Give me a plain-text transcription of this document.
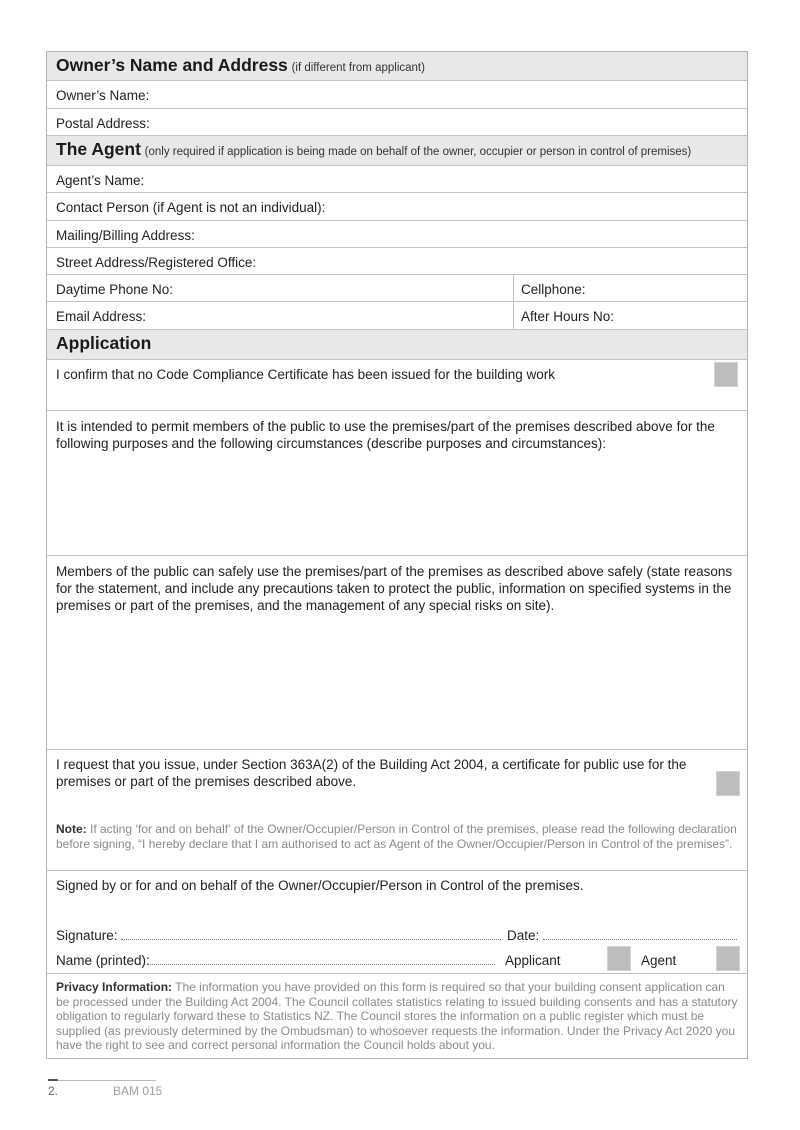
Owner’s Name and Address (if different from applicant)
Owner’s Name:
Postal Address:
The Agent (only required if application is being made on behalf of the owner, occupier or person in control of premises)
Agent’s Name:
Contact Person (if Agent is not an individual):
Mailing/Billing Address:
Street Address/Registered Office:
Daytime Phone No:	Cellphone:
Email Address:	After Hours No:
Application
I confirm that no Code Compliance Certificate has been issued for the building work
It is intended to permit members of the public to use the premises/part of the premises described above for the following purposes and the following circumstances (describe purposes and circumstances):
Members of the public can safely use the premises/part of the premises as described above safely (state reasons for the statement, and include any precautions taken to protect the public, information on specified systems in the premises or part of the premises, and the management of any special risks on site).
I request that you issue, under Section 363A(2) of the Building Act 2004, a certificate for public use for the premises or part of the premises described above.
Note: If acting ‘for and on behalf’ of the Owner/Occupier/Person in Control of the premises, please read the following declaration before signing, “I hereby declare that I am authorised to act as Agent of the Owner/Occupier/Person in Control of the premises”.
Signed by or for and on behalf of the Owner/Occupier/Person in Control of the premises.
Signature:	Date:
Name (printed):	Applicant	Agent
Privacy Information: The information you have provided on this form is required so that your building consent application can be processed under the Building Act 2004. The Council collates statistics relating to issued building consents and has a statutory obligation to regularly forward these to Statistics NZ. The Council stores the information on a public register which must be supplied (as previously determined by the Ombudsman) to whosoever requests the information. Under the Privacy Act 2020 you have the right to see and correct personal information the Council holds about you.
2.	BAM 015
